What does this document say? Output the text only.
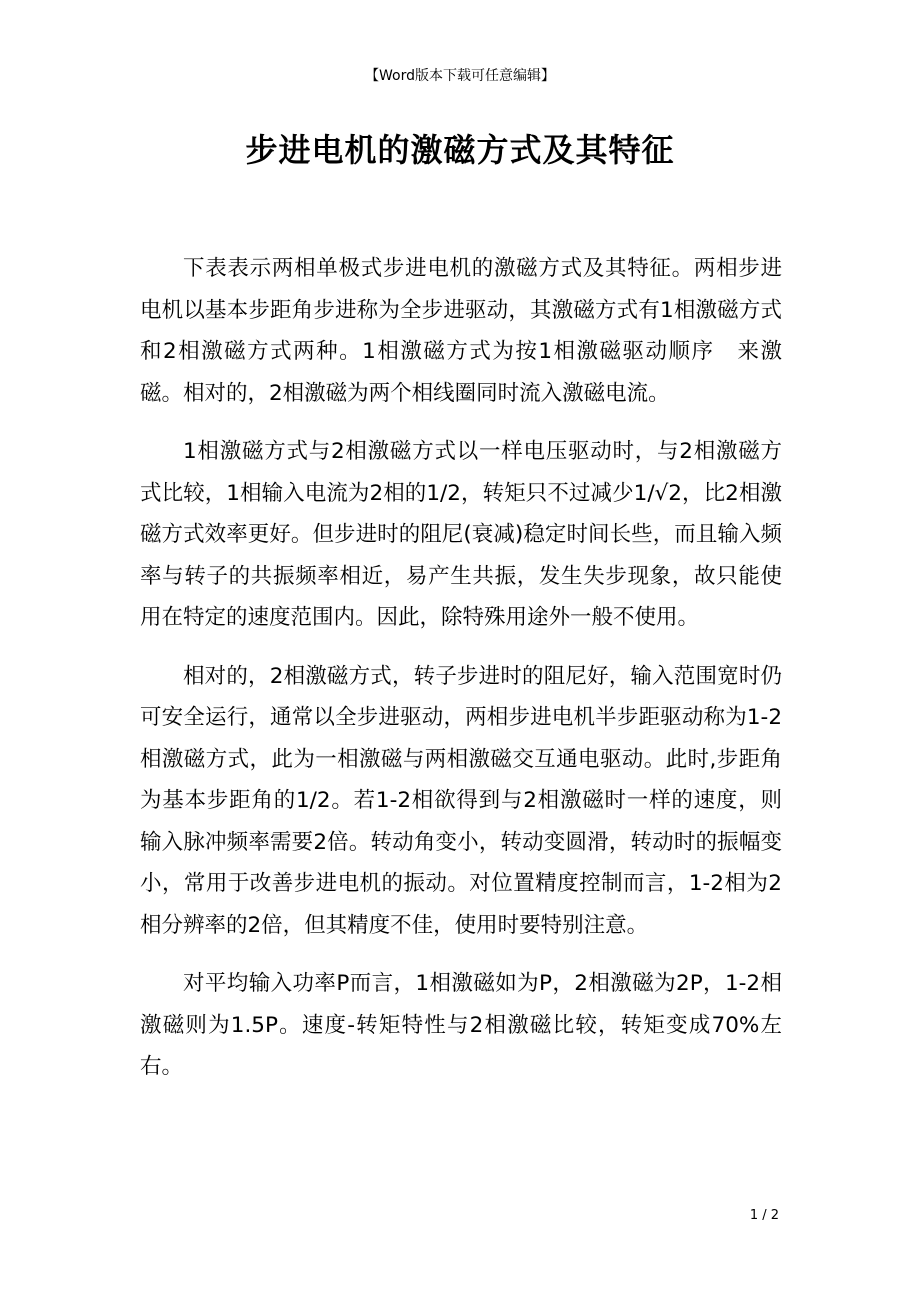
【Word版本下载可任意编辑】
步进电机的激磁方式及其特征

下表表示两相单极式步进电机的激磁方式及其特征。两相步进电机以基本步距角步进称为全步进驱动，其激磁方式有1相激磁方式和2相激磁方式两种。1相激磁方式为按1相激磁驱动顺序　来激磁。相对的，2相激磁为两个相线圈同时流入激磁电流。

1相激磁方式与2相激磁方式以一样电压驱动时，与2相激磁方式比较，1相输入电流为2相的1/2，转矩只不过减少1/√2，比2相激磁方式效率更好。但步进时的阻尼(衰减)稳定时间长些，而且输入频率与转子的共振频率相近，易产生共振，发生失步现象，故只能使用在特定的速度范围内。因此，除特殊用途外一般不使用。

相对的，2相激磁方式，转子步进时的阻尼好，输入范围宽时仍可安全运行，通常以全步进驱动，两相步进电机半步距驱动称为1-2相激磁方式，此为一相激磁与两相激磁交互通电驱动。此时,步距角为基本步距角的1/2。若1-2相欲得到与2相激磁时一样的速度，则输入脉冲频率需要2倍。转动角变小，转动变圆滑，转动时的振幅变小，常用于改善步进电机的振动。对位置精度控制而言，1-2相为2相分辨率的2倍，但其精度不佳，使用时要特别注意。

对平均输入功率P而言，1相激磁如为P，2相激磁为2P，1-2相激磁则为1.5P。速度-转矩特性与2相激磁比较，转矩变成70%左右。

1 / 2
